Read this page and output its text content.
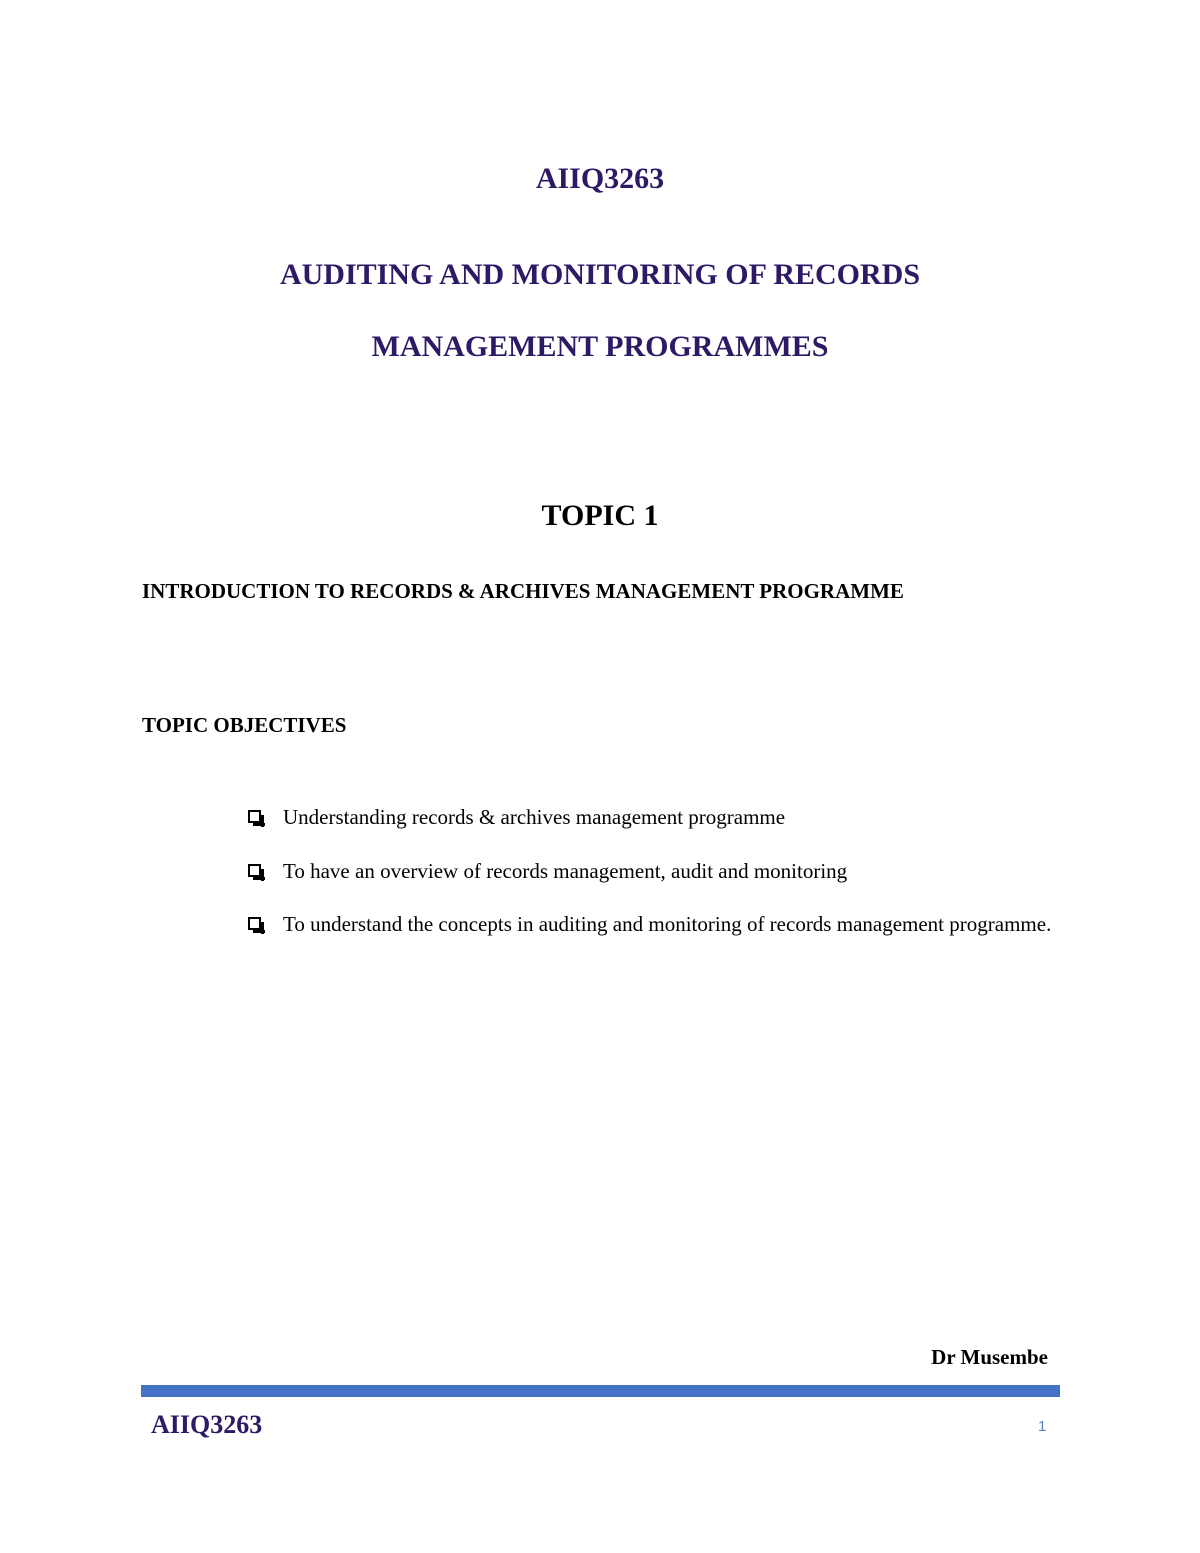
AIIQ3263
AUDITING AND MONITORING OF RECORDS
MANAGEMENT PROGRAMMES
TOPIC 1
INTRODUCTION TO RECORDS & ARCHIVES MANAGEMENT PROGRAMME
TOPIC OBJECTIVES
Understanding records & archives management programme
To have an overview of records management, audit and monitoring
To understand the concepts in auditing and monitoring of records management programme.
Dr Musembe
AIIQ3263	1
